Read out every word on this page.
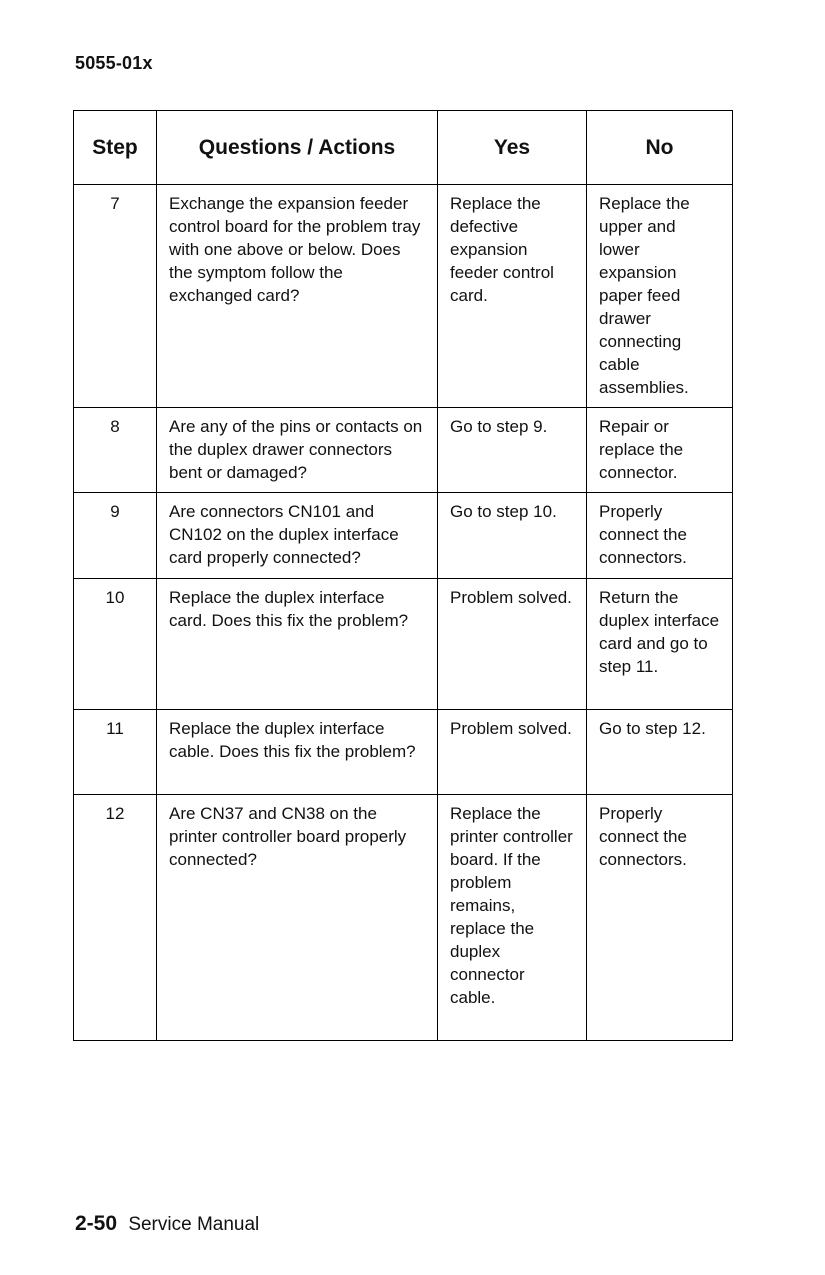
5055-01x
Step	Questions / Actions	Yes	No
7	Exchange the expansion feeder control board for the problem tray with one above or below. Does the symptom follow the exchanged card?	Replace the defective expansion feeder control card.	Replace the upper and lower expansion paper feed drawer connecting cable assemblies.
8	Are any of the pins or contacts on the duplex drawer connectors bent or damaged?	Go to step 9.	Repair or replace the connector.
9	Are connectors CN101 and CN102 on the duplex interface card properly connected?	Go to step 10.	Properly connect the connectors.
10	Replace the duplex interface card. Does this fix the problem?	Problem solved.	Return the duplex interface card and go to step 11.
11	Replace the duplex interface cable. Does this fix the problem?	Problem solved.	Go to step 12.
12	Are CN37 and CN38 on the printer controller board properly connected?	Replace the printer controller board. If the problem remains, replace the duplex connector cable.	Properly connect the connectors.
2-50 Service Manual
